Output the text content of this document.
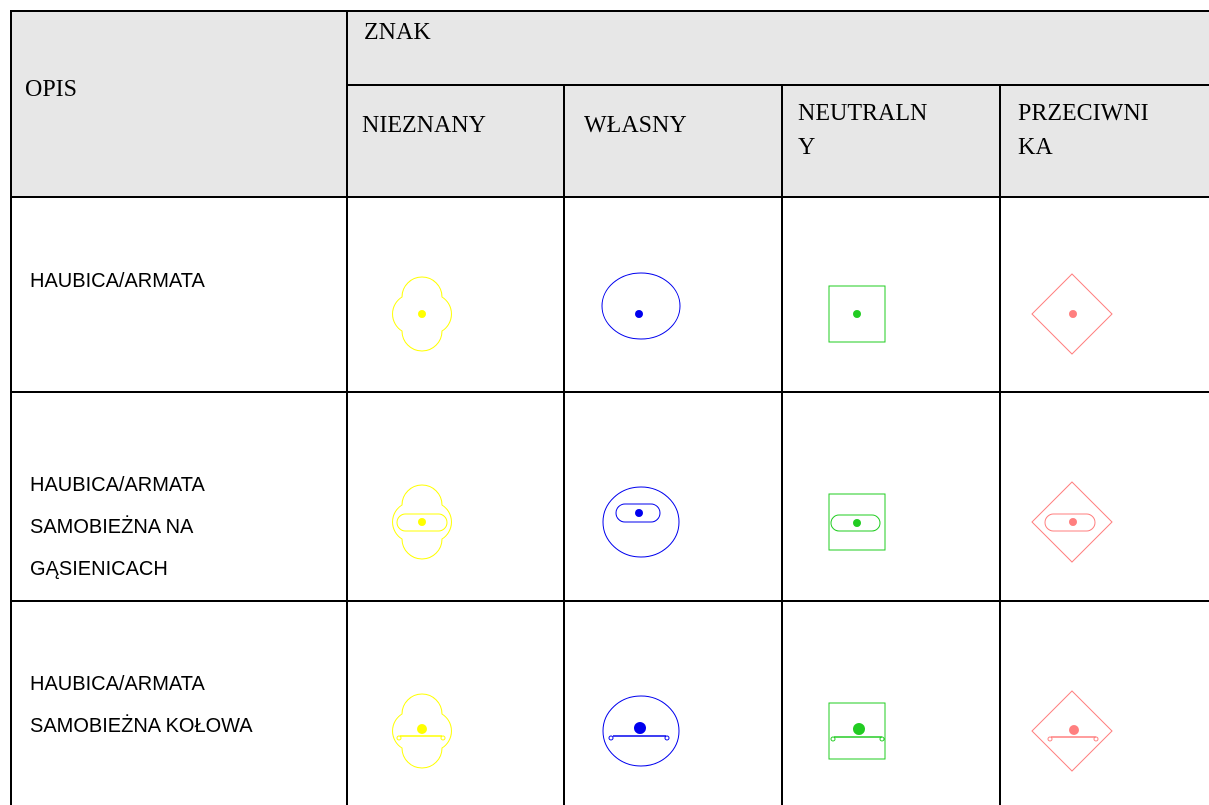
OPIS
ZNAK
NIEZNANY	WŁASNY	NEUTRALN
Y
PRZECIWNI
KA
HAUBICA/ARMATA
HAUBICA/ARMATA
SAMOBIEŻNA NA
GĄSIENICACH
HAUBICA/ARMATA
SAMOBIEŻNA KOŁOWA
